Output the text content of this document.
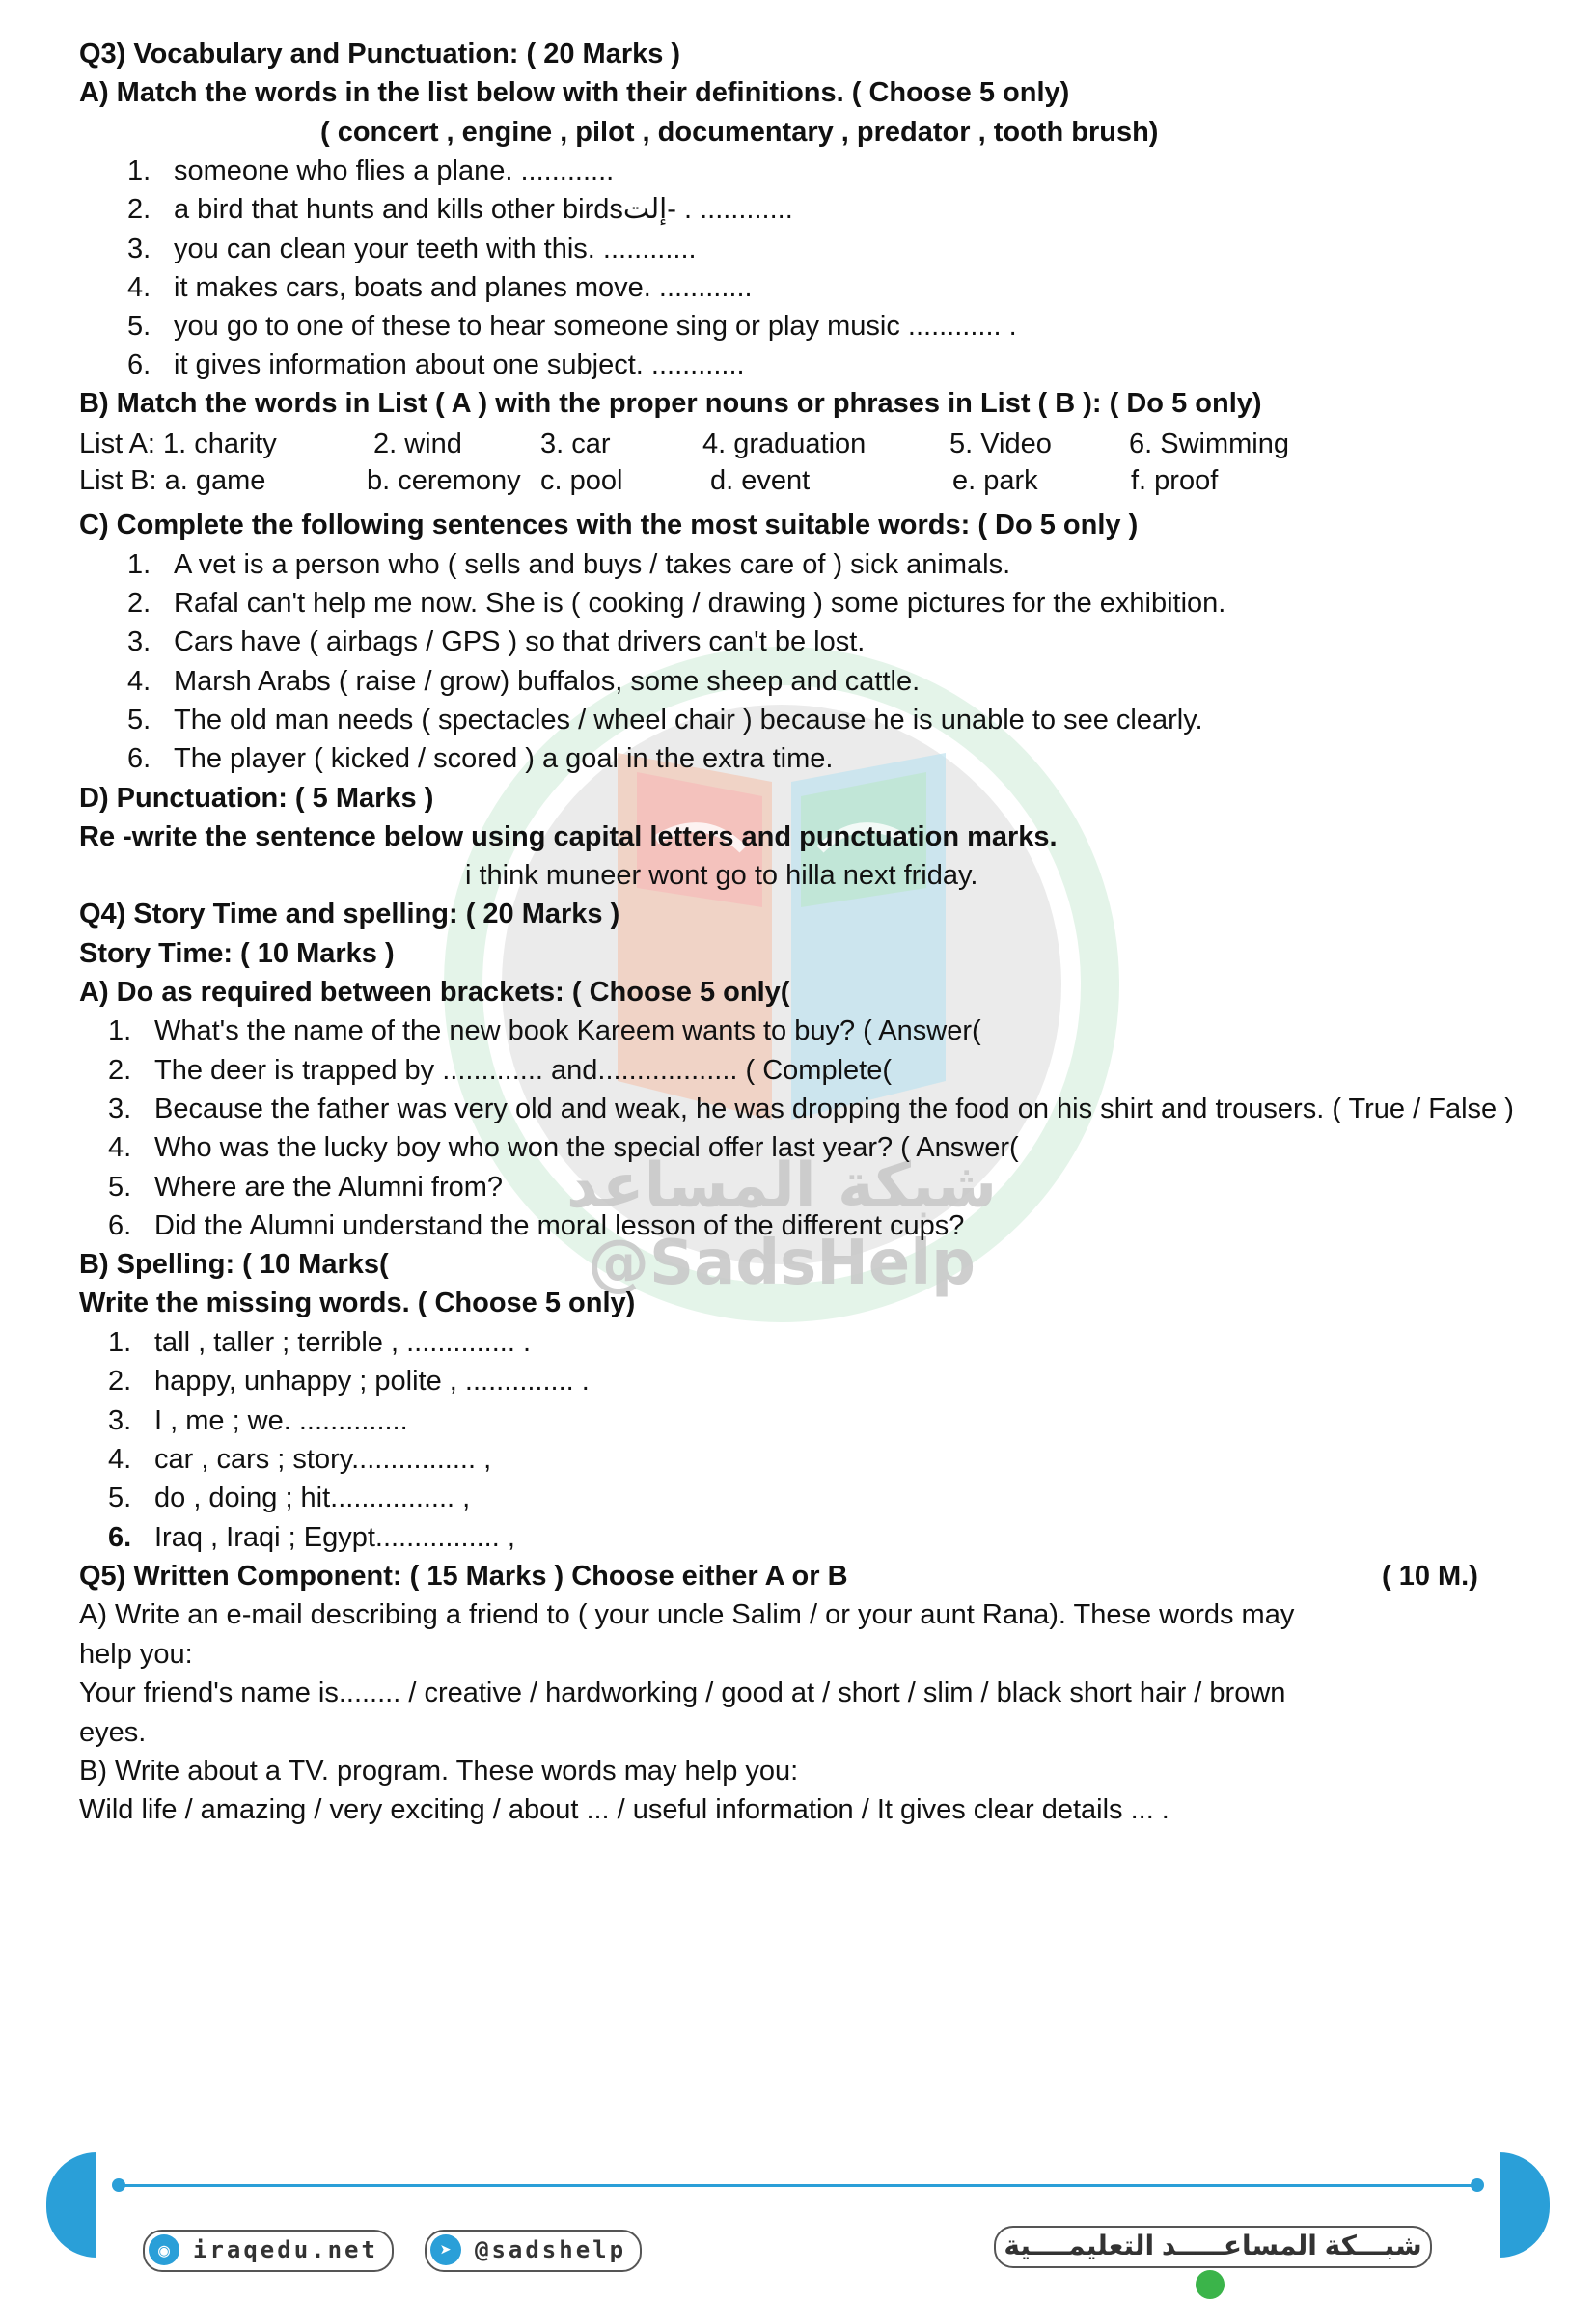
شبكة المساعد
@SadsHelp
Q3) Vocabulary and Punctuation: ( 20 Marks )
A) Match the words in the list below with their definitions. ( Choose 5 only)
( concert , engine , pilot , documentary , predator , tooth brush)
1. someone who flies a plane. ............
2. a bird that hunts and kills other birdsإلت- . ............
3. you can clean your teeth with this. ............
4. it makes cars, boats and planes move. ............
5. you go to one of these to hear someone sing or play music ............ .
6. it gives information about one subject. ............
B) Match the words in List ( A ) with the proper nouns or phrases in List ( B ): ( Do 5 only)
List A: 1. charity	2. wind	3. car	4. graduation	5. Video	6. Swimming
List B: a. game	b. ceremony c. pool	d. event	e. park	f. proof
C) Complete the following sentences with the most suitable words: ( Do 5 only )
1. A vet is a person who ( sells and buys / takes care of ) sick animals.
2. Rafal can't help me now. She is ( cooking / drawing ) some pictures for the exhibition.
3. Cars have ( airbags / GPS ) so that drivers can't be lost.
4. Marsh Arabs ( raise / grow) buffalos, some sheep and cattle.
5. The old man needs ( spectacles / wheel chair ) because he is unable to see clearly.
6. The player ( kicked / scored ) a goal in the extra time.
D) Punctuation: ( 5 Marks )
Re -write the sentence below using capital letters and punctuation marks.
i think muneer wont go to hilla next friday.
Q4) Story Time and spelling: ( 20 Marks )
Story Time: ( 10 Marks )
A) Do as required between brackets: ( Choose 5 only(
1. What's the name of the new book Kareem wants to buy? ( Answer(
2. The deer is trapped by ............. and.................. ( Complete(
3. Because the father was very old and weak, he was dropping the food on his shirt and trousers. ( True / False )
4. Who was the lucky boy who won the special offer last year? ( Answer(
5. Where are the Alumni from?
6. Did the Alumni understand the moral lesson of the different cups?
B) Spelling: ( 10 Marks(
Write the missing words. ( Choose 5 only)
1. tall , taller ; terrible , .............. .
2. happy, unhappy ; polite , .............. .
3. I , me ; we. ..............
4. car , cars ; story................ ,
5. do , doing ; hit................ ,
6. Iraq , Iraqi ; Egypt................ ,
Q5) Written Component: ( 15 Marks ) Choose either A or B	( 10 M.)
A) Write an e-mail describing a friend to ( your uncle Salim / or your aunt Rana). These words may
help you:
Your friend's name is........ / creative / hardworking / good at / short / slim / black short hair / brown
eyes.
B) Write about a TV. program. These words may help you:
Wild life / amazing / very exciting / about ... / useful information / It gives clear details ... .
◉ iraqedu.net	➤ @sadshelp	شبـــكة المساعـــــد التعليمــــية
